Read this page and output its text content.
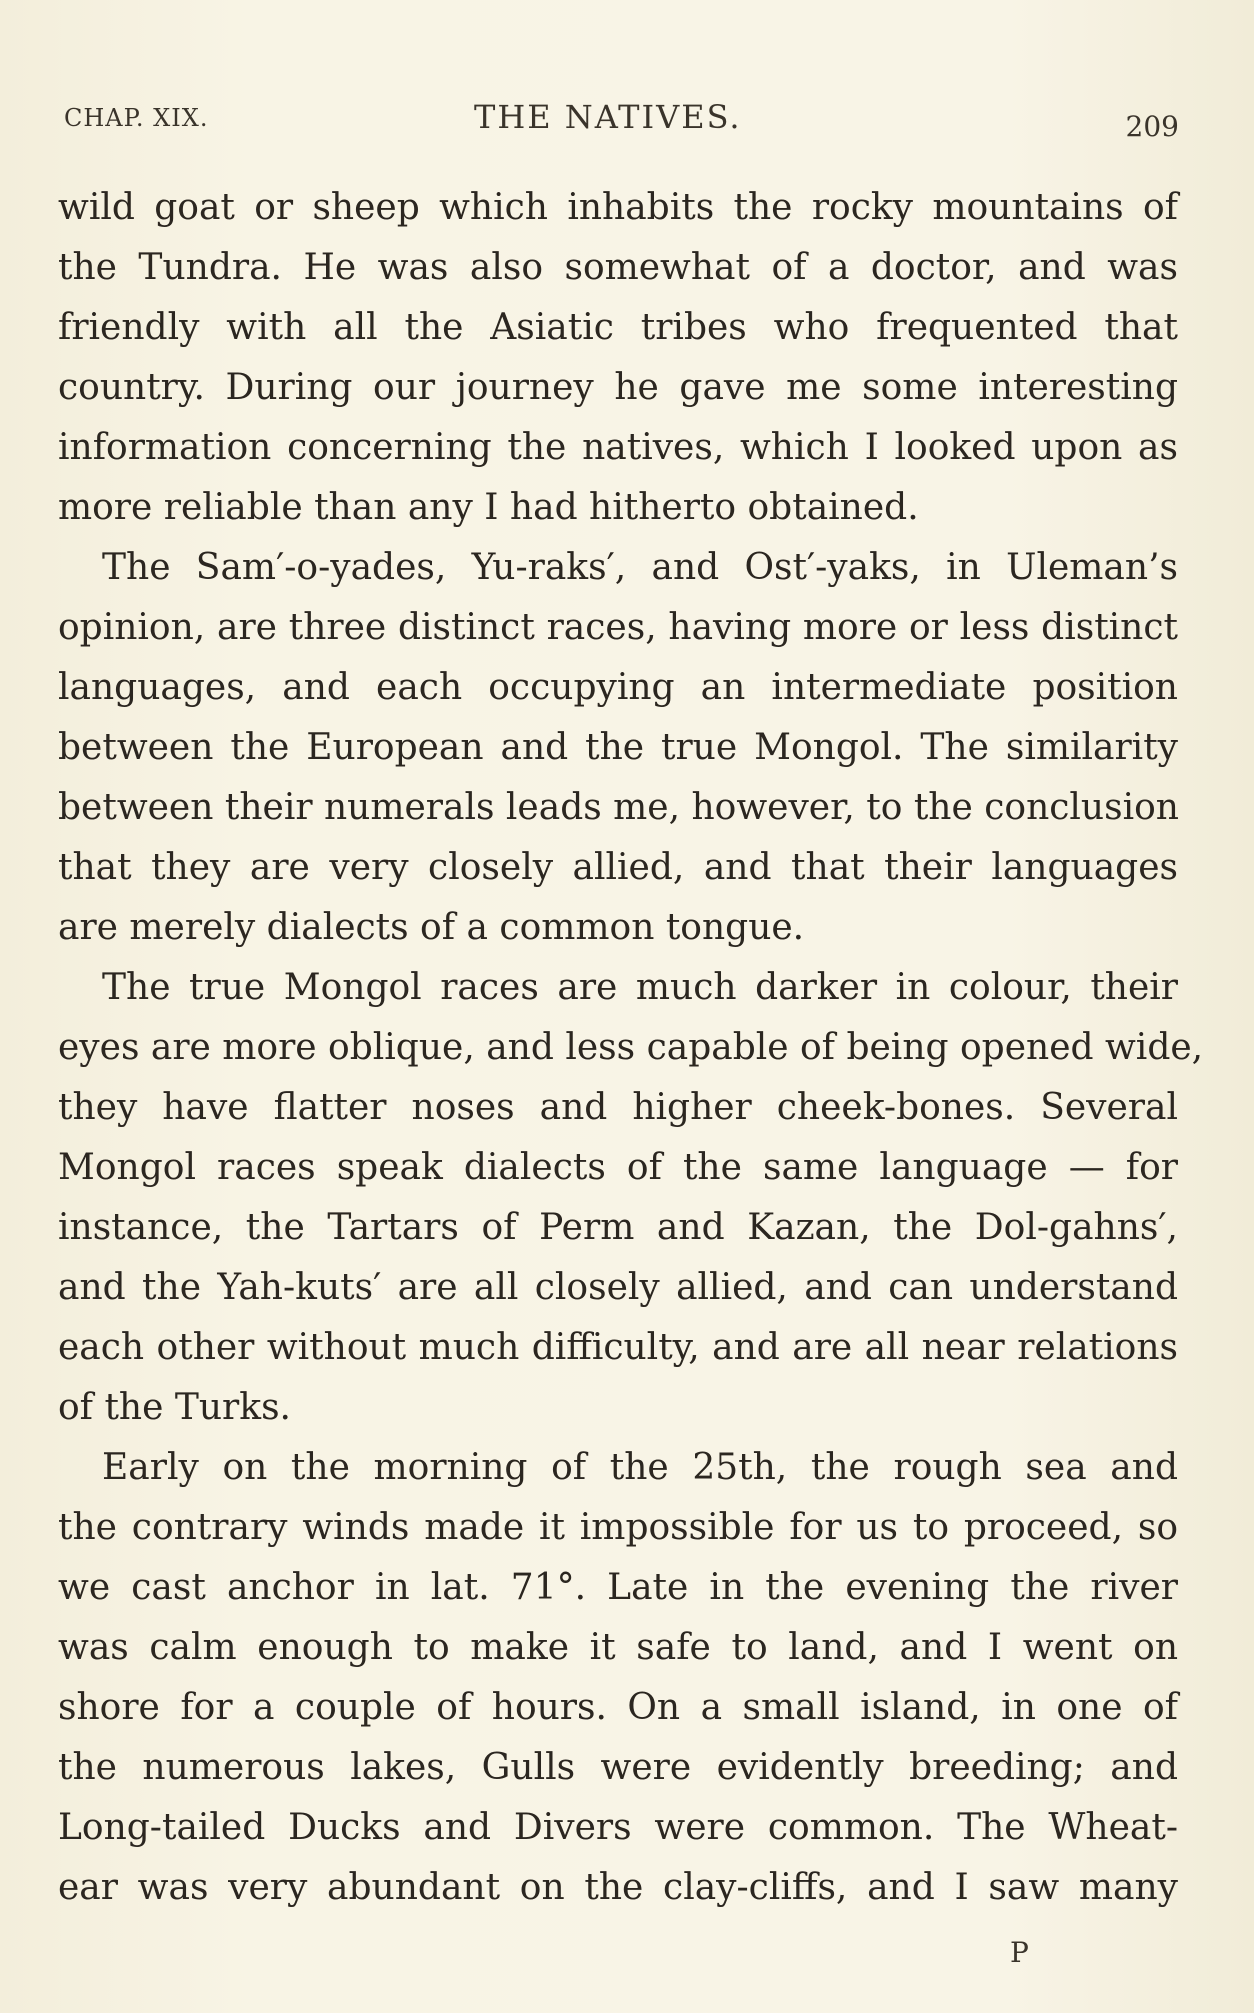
CHAP. XIX.	THE NATIVES.	209
wild goat or sheep which inhabits the rocky mountains of
the Tundra. He was also somewhat of a doctor, and was
friendly with all the Asiatic tribes who frequented that
country. During our journey he gave me some interesting
information concerning the natives, which I looked upon as
more reliable than any I had hitherto obtained.
The Sam′-o-yades, Yu-raks′, and Ost′-yaks, in Uleman’s
opinion, are three distinct races, having more or less distinct
languages, and each occupying an intermediate position
between the European and the true Mongol. The similarity
between their numerals leads me, however, to the conclusion
that they are very closely allied, and that their languages
are merely dialects of a common tongue.
The true Mongol races are much darker in colour, their
eyes are more oblique, and less capable of being opened wide,
they have flatter noses and higher cheek-bones. Several
Mongol races speak dialects of the same language — for
instance, the Tartars of Perm and Kazan, the Dol-gahns′,
and the Yah-kuts′ are all closely allied, and can understand
each other without much difficulty, and are all near relations
of the Turks.
Early on the morning of the 25th, the rough sea and
the contrary winds made it impossible for us to proceed, so
we cast anchor in lat. 71°. Late in the evening the river
was calm enough to make it safe to land, and I went on
shore for a couple of hours. On a small island, in one of
the numerous lakes, Gulls were evidently breeding; and
Long-tailed Ducks and Divers were common. The Wheat-
ear was very abundant on the clay-cliffs, and I saw many
P
